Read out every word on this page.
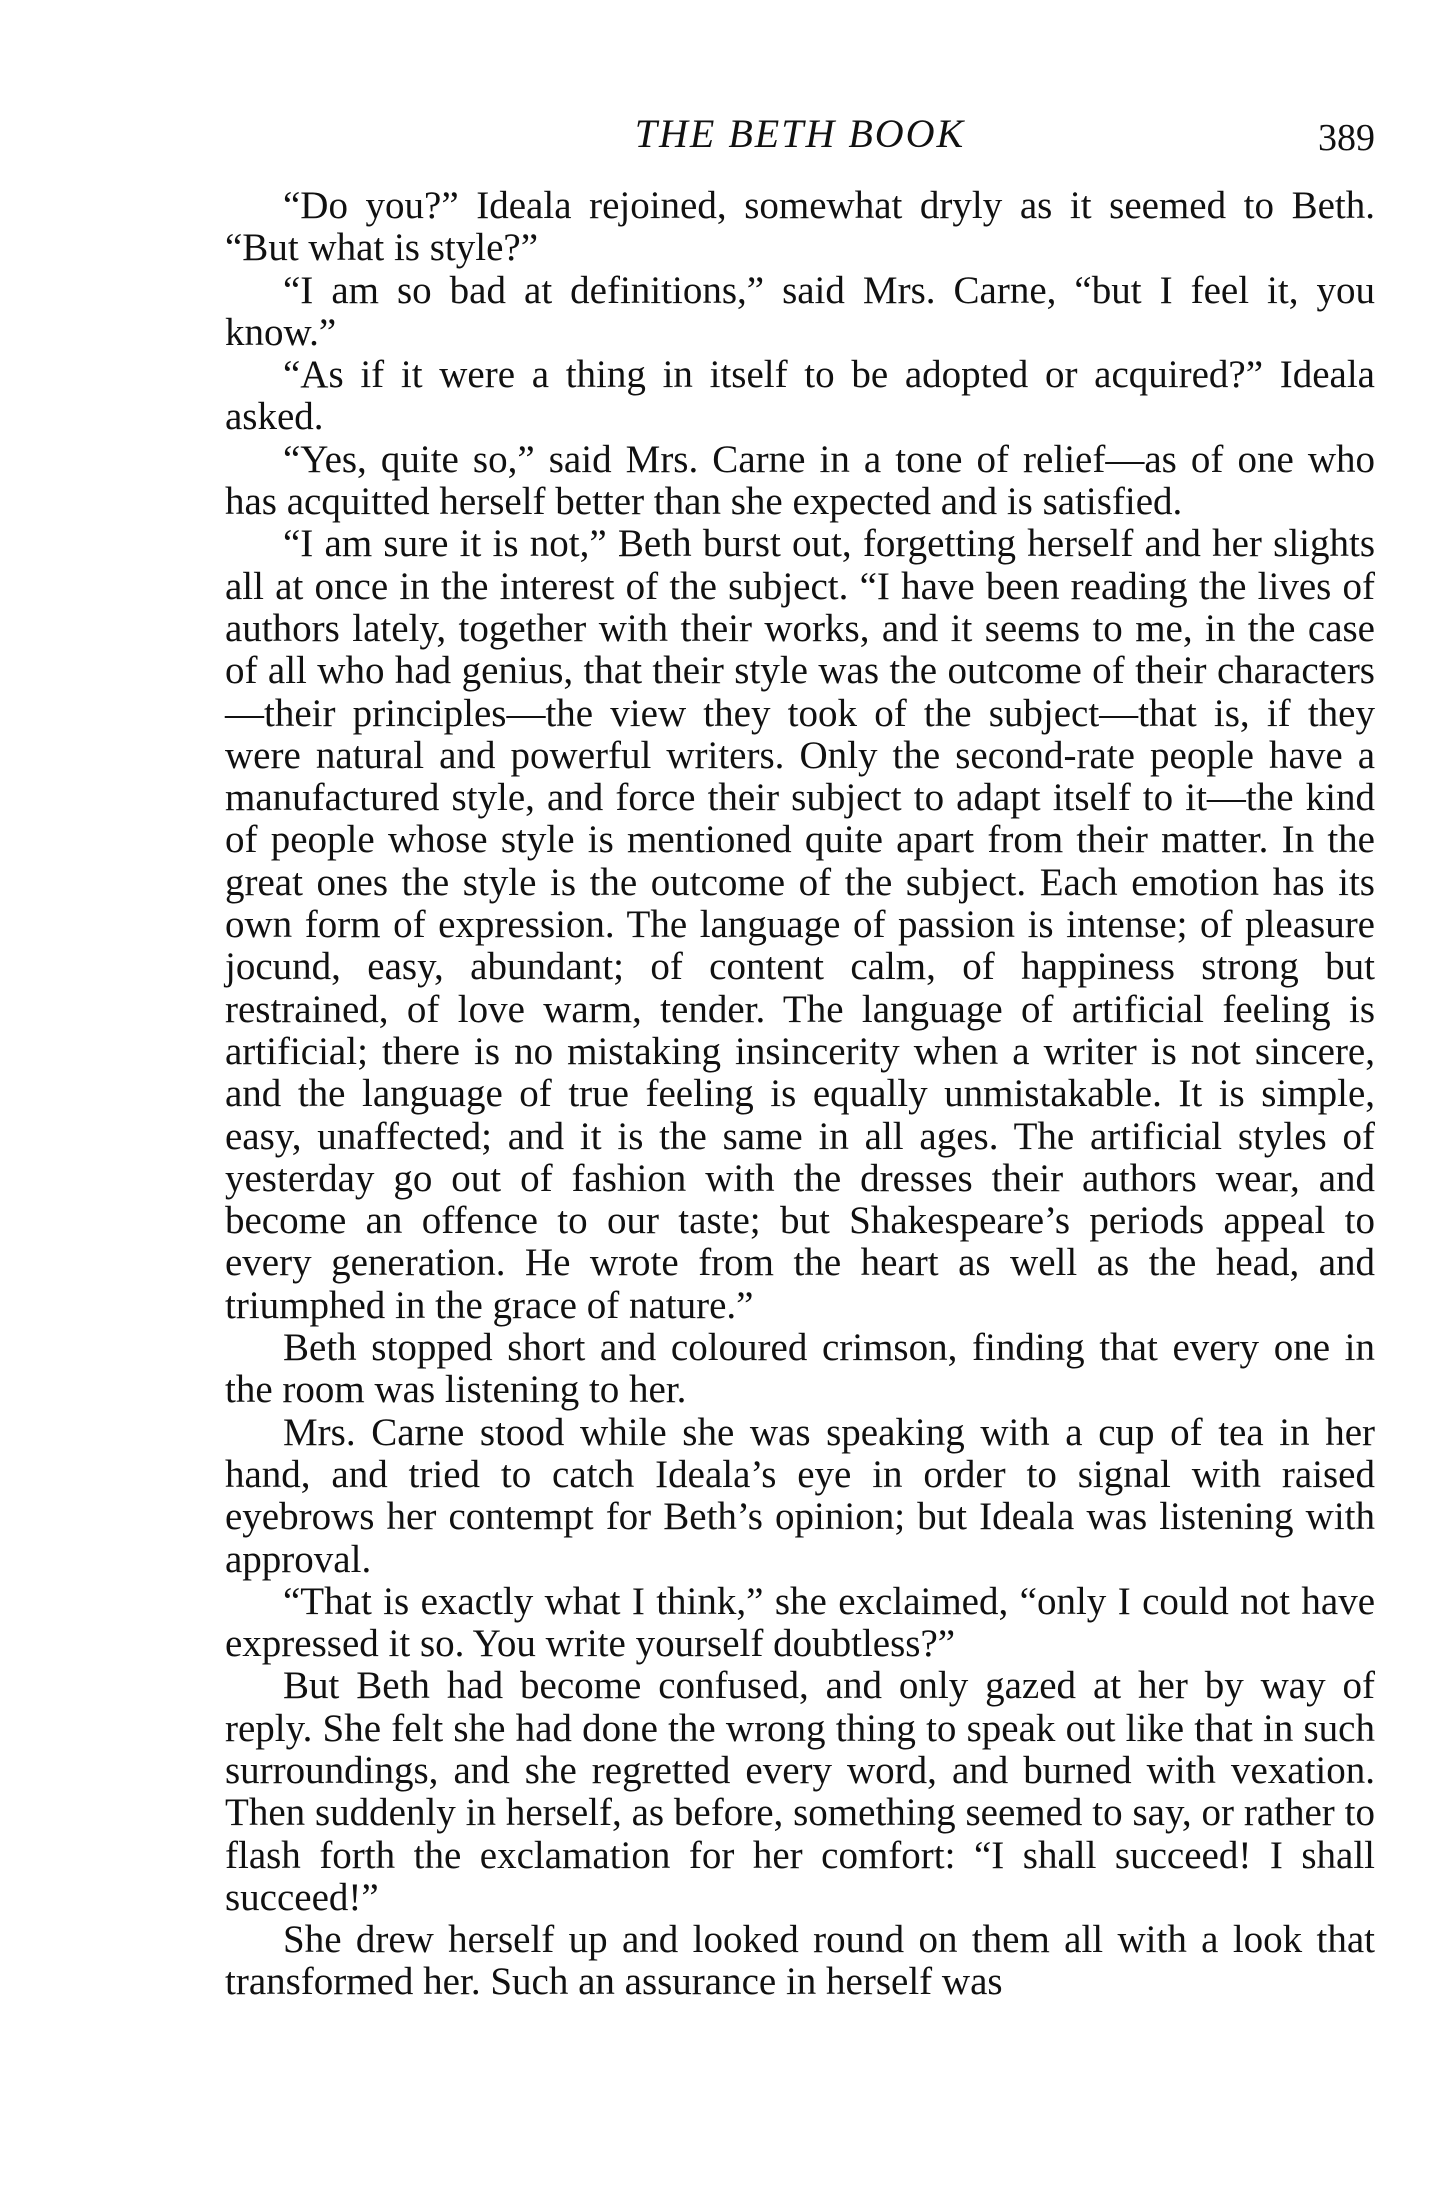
THE BETH BOOK	389

“Do you?” Ideala rejoined, somewhat dryly as it seemed to Beth. “But what is style?”

“I am so bad at definitions,” said Mrs. Carne, “but I feel it, you know.”

“As if it were a thing in itself to be adopted or acquired?” Ideala asked.

“Yes, quite so,” said Mrs. Carne in a tone of relief—as of one who has acquitted herself better than she expected and is satisfied.

“I am sure it is not,” Beth burst out, forgetting herself and her slights all at once in the interest of the subject. “I have been reading the lives of authors lately, together with their works, and it seems to me, in the case of all who had genius, that their style was the outcome of their characters—their principles—the view they took of the subject—that is, if they were natural and powerful writers. Only the second-rate people have a manufactured style, and force their subject to adapt itself to it—the kind of people whose style is mentioned quite apart from their matter. In the great ones the style is the outcome of the subject. Each emotion has its own form of expression. The language of passion is intense; of pleasure jocund, easy, abundant; of content calm, of happiness strong but restrained, of love warm, tender. The language of artificial feeling is artificial; there is no mistaking insincerity when a writer is not sincere, and the language of true feeling is equally unmistakable. It is simple, easy, unaffected; and it is the same in all ages. The artificial styles of yesterday go out of fashion with the dresses their authors wear, and become an offence to our taste; but Shakespeare’s periods appeal to every generation. He wrote from the heart as well as the head, and triumphed in the grace of nature.”

Beth stopped short and coloured crimson, finding that every one in the room was listening to her.

Mrs. Carne stood while she was speaking with a cup of tea in her hand, and tried to catch Ideala’s eye in order to signal with raised eyebrows her contempt for Beth’s opinion; but Ideala was listening with approval.

“That is exactly what I think,” she exclaimed, “only I could not have expressed it so. You write yourself doubtless?”

But Beth had become confused, and only gazed at her by way of reply. She felt she had done the wrong thing to speak out like that in such surroundings, and she regretted every word, and burned with vexation. Then suddenly in herself, as before, something seemed to say, or rather to flash forth the exclamation for her comfort: “I shall succeed! I shall succeed!”

She drew herself up and looked round on them all with a look that transformed her. Such an assurance in herself was
